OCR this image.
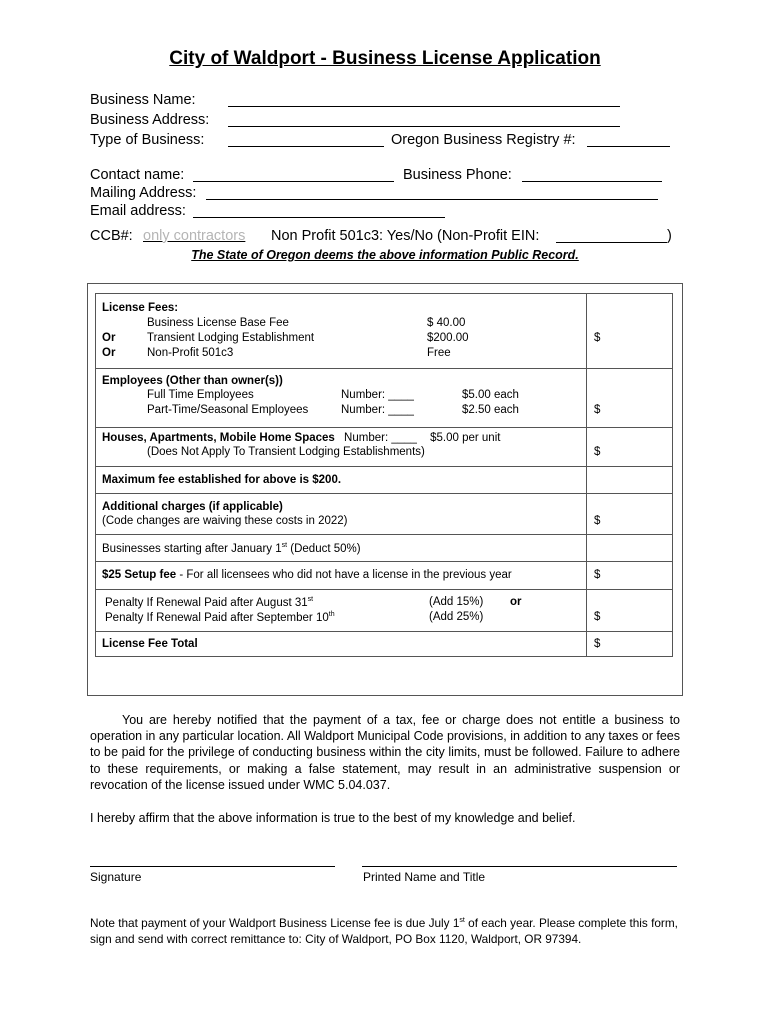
City of Waldport - Business License Application
Business Name:
Business Address:
Type of Business:	Oregon Business Registry #:
Contact name:	Business Phone:
Mailing Address:
Email address:
CCB#: only contractors	Non Profit 501c3: Yes/No (Non-Profit EIN:	)
The State of Oregon deems the above information Public Record.
License Fees:
Business License Base Fee	$ 40.00
Or	Transient Lodging Establishment	$200.00
Or	Non-Profit 501c3	Free
$
Employees (Other than owner(s))
Full Time Employees	Number: ____	$5.00 each
Part-Time/Seasonal Employees	Number: ____	$2.50 each	$
Houses, Apartments, Mobile Home Spaces Number: ____ $5.00 per unit
(Does Not Apply To Transient Lodging Establishments)	$
Maximum fee established for above is $200.
Additional charges (if applicable)
(Code changes are waiving these costs in 2022)	$
Businesses starting after January 1st (Deduct 50%)
$25 Setup fee - For all licensees who did not have a license in the previous year	$
Penalty If Renewal Paid after August 31st	(Add 15%) or
Penalty If Renewal Paid after September 10th	(Add 25%)	$
License Fee Total	$
You are hereby notified that the payment of a tax, fee or charge does not entitle a business to operation in any particular location. All Waldport Municipal Code provisions, in addition to any taxes or fees to be paid for the privilege of conducting business within the city limits, must be followed. Failure to adhere to these requirements, or making a false statement, may result in an administrative suspension or revocation of the license issued under WMC 5.04.037.
I hereby affirm that the above information is true to the best of my knowledge and belief.
Signature	Printed Name and Title
Note that payment of your Waldport Business License fee is due July 1st of each year. Please complete this form, sign and send with correct remittance to: City of Waldport, PO Box 1120, Waldport, OR 97394.
